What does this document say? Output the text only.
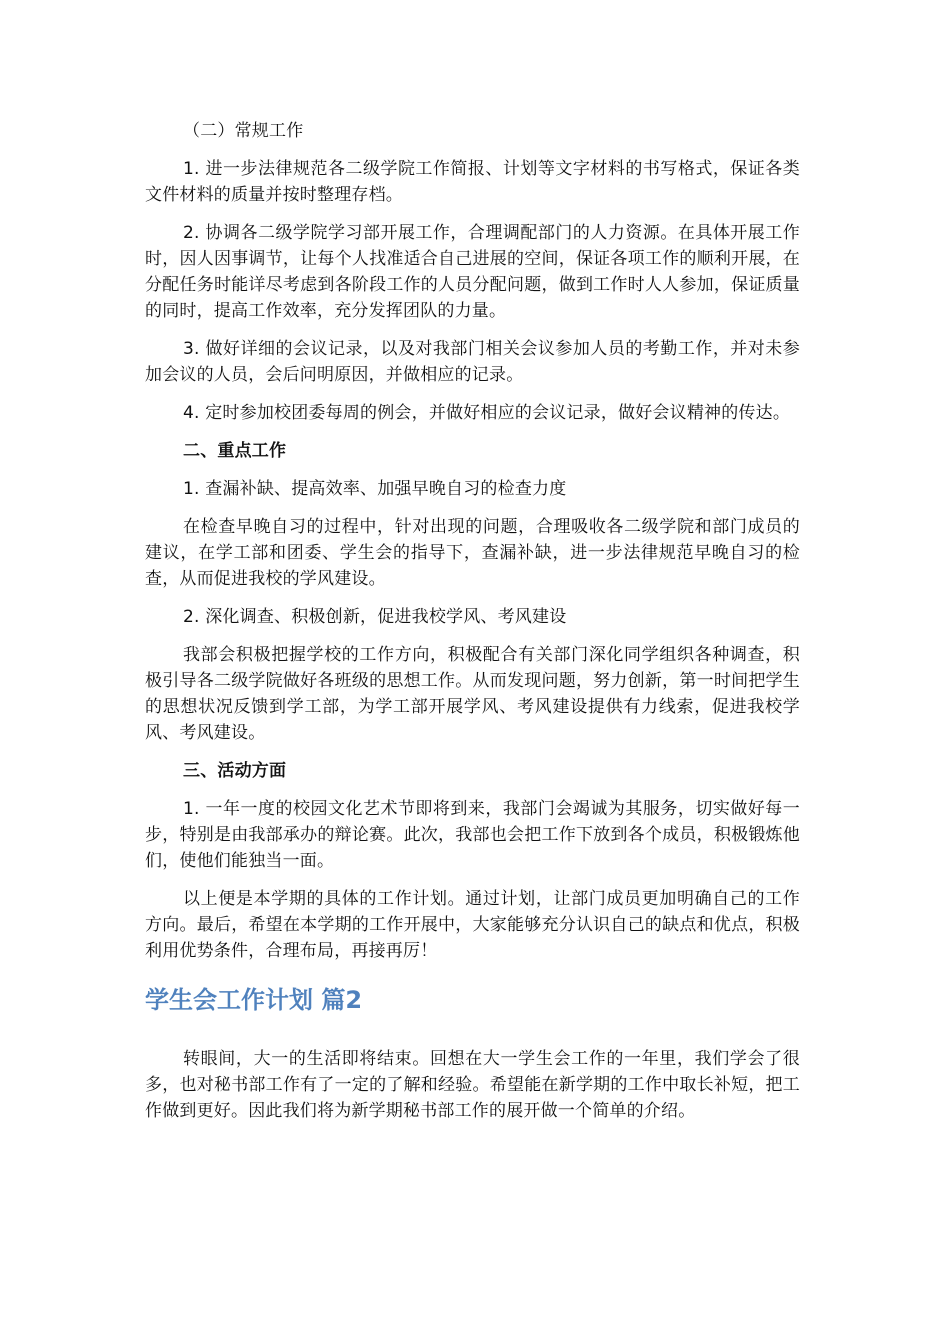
（二）常规工作

1. 进一步法律规范各二级学院工作简报、计划等文字材料的书写格式，保证各类文件材料的质量并按时整理存档。

2. 协调各二级学院学习部开展工作，合理调配部门的人力资源。在具体开展工作时，因人因事调节，让每个人找准适合自己进展的空间，保证各项工作的顺利开展，在分配任务时能详尽考虑到各阶段工作的人员分配问题，做到工作时人人参加，保证质量的同时，提高工作效率，充分发挥团队的力量。

3. 做好详细的会议记录，以及对我部门相关会议参加人员的考勤工作，并对未参加会议的人员，会后问明原因，并做相应的记录。

4. 定时参加校团委每周的例会，并做好相应的会议记录，做好会议精神的传达。

二、重点工作

1. 查漏补缺、提高效率、加强早晚自习的检查力度

在检查早晚自习的过程中，针对出现的问题，合理吸收各二级学院和部门成员的建议，在学工部和团委、学生会的指导下，查漏补缺，进一步法律规范早晚自习的检查，从而促进我校的学风建设。

2. 深化调查、积极创新，促进我校学风、考风建设

我部会积极把握学校的工作方向，积极配合有关部门深化同学组织各种调查，积极引导各二级学院做好各班级的思想工作。从而发现问题，努力创新，第一时间把学生的思想状况反馈到学工部，为学工部开展学风、考风建设提供有力线索，促进我校学风、考风建设。

三、活动方面

1. 一年一度的校园文化艺术节即将到来，我部门会竭诚为其服务，切实做好每一步，特别是由我部承办的辩论赛。此次，我部也会把工作下放到各个成员，积极锻炼他们，使他们能独当一面。

以上便是本学期的具体的工作计划。通过计划，让部门成员更加明确自己的工作方向。最后，希望在本学期的工作开展中，大家能够充分认识自己的缺点和优点，积极利用优势条件，合理布局，再接再厉！

学生会工作计划 篇2

转眼间，大一的生活即将结束。回想在大一学生会工作的一年里，我们学会了很多，也对秘书部工作有了一定的了解和经验。希望能在新学期的工作中取长补短，把工作做到更好。因此我们将为新学期秘书部工作的展开做一个简单的介绍。
